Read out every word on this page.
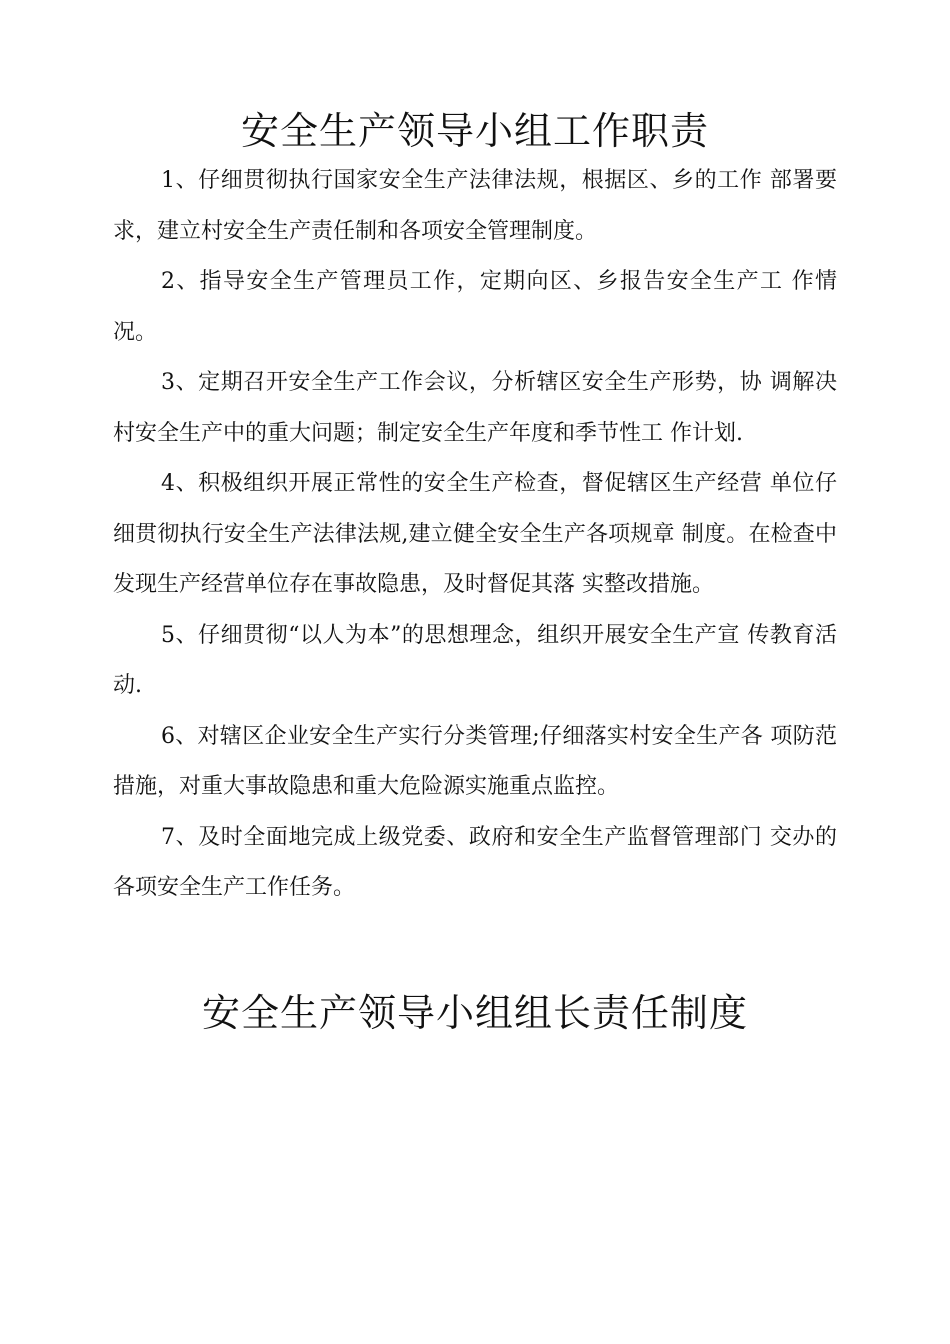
安全生产领导小组工作职责

1、仔细贯彻执行国家安全生产法律法规，根据区、乡的工作 部署要求，建立村安全生产责任制和各项安全管理制度。

2、指导安全生产管理员工作，定期向区、乡报告安全生产工 作情况。

3、定期召开安全生产工作会议，分析辖区安全生产形势，协 调解决村安全生产中的重大问题；制定安全生产年度和季节性工 作计划.

4、积极组织开展正常性的安全生产检查，督促辖区生产经营 单位仔细贯彻执行安全生产法律法规,建立健全安全生产各项规章 制度。在检查中发现生产经营单位存在事故隐患，及时督促其落 实整改措施。

5、仔细贯彻“以人为本”的思想理念，组织开展安全生产宣 传教育活动.

6、对辖区企业安全生产实行分类管理;仔细落实村安全生产各 项防范措施，对重大事故隐患和重大危险源实施重点监控。

7、及时全面地完成上级党委、政府和安全生产监督管理部门 交办的各项安全生产工作任务。

安全生产领导小组组长责任制度
